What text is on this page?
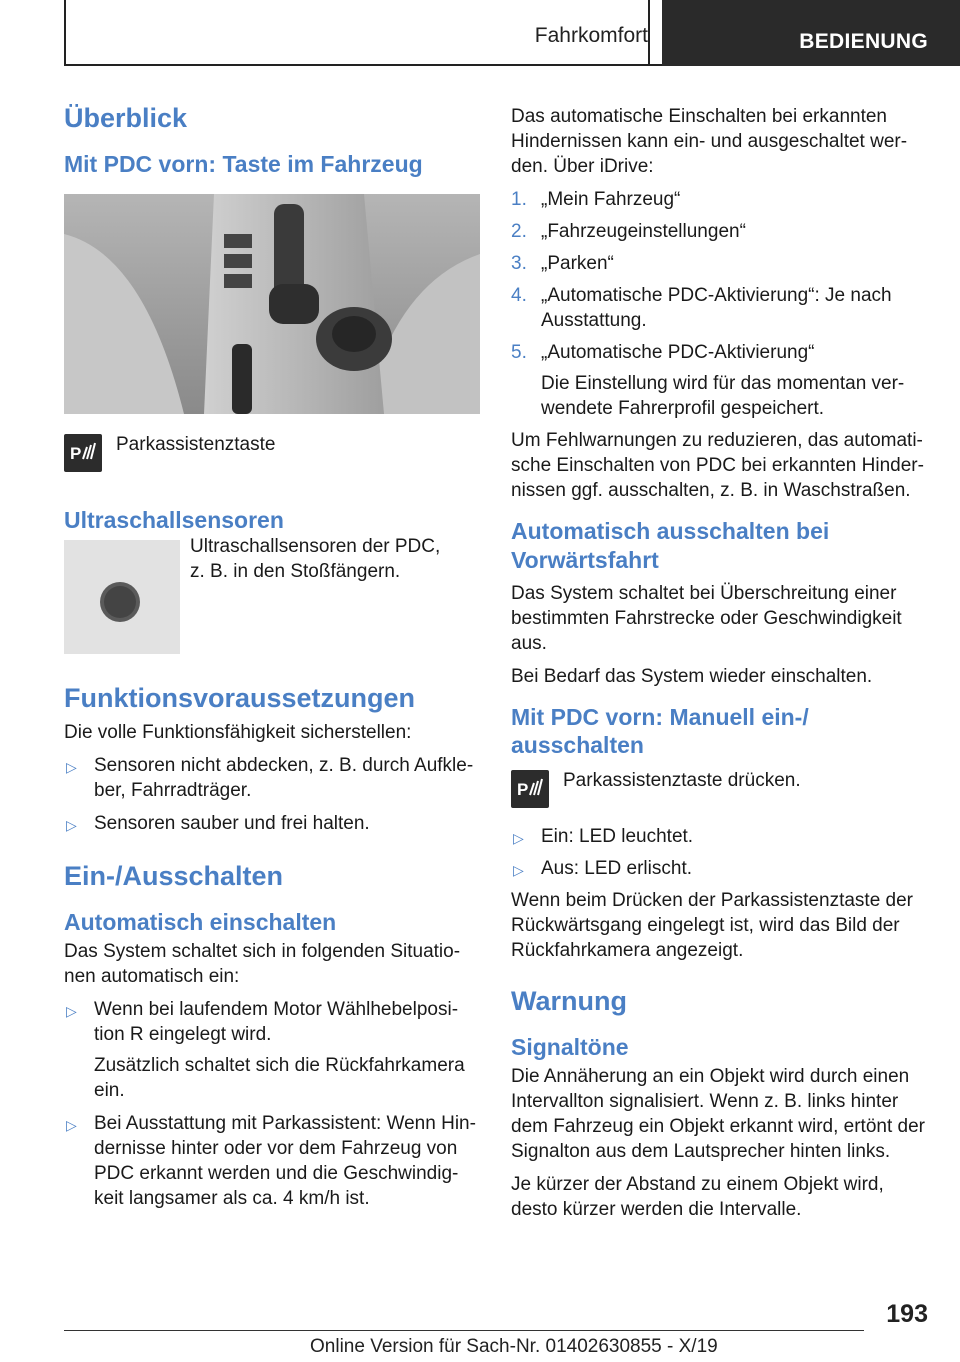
Fahrkomfort	BEDIENUNG
Überblick
Mit PDC vorn: Taste im Fahrzeug
P Parkassistenztaste

Ultraschallsensoren

Ultraschallsensoren der PDC,

z. B. in den Stoßfängern.

Funktionsvoraussetzungen

Die volle Funktionsfähigkeit sicherstellen:

▷ Sensoren nicht abdecken, z. B. durch Aufkle-ber, Fahrradträger.
▷ Sensoren sauber und frei halten.
Ein-/Ausschalten
Automatisch einschalten

Das System schaltet sich in folgenden Situatio-nen automatisch ein:

▷ Wenn bei laufendem Motor Wählhebelposi-tion R eingelegt wird.
Zusätzlich schaltet sich die Rückfahrkamera ein.
▷ Bei Ausstattung mit Parkassistent: Wenn Hin-dernisse hinter oder vor dem Fahrzeug von PDC erkannt werden und die Geschwindig-keit langsamer als ca. 4 km/h ist.

Das automatische Einschalten bei erkannten Hindernissen kann ein- und ausgeschaltet wer-den. Über iDrive:

1. „Mein Fahrzeug“
2. „Fahrzeugeinstellungen“
3. „Parken“
4. „Automatische PDC-Aktivierung“: Je nach Ausstattung.
5. „Automatische PDC-Aktivierung“
Die Einstellung wird für das momentan ver-wendete Fahrerprofil gespeichert.

Um Fehlwarnungen zu reduzieren, das automati-sche Einschalten von PDC bei erkannten Hinder-nissen ggf. ausschalten, z. B. in Waschstraßen.

Automatisch ausschalten bei Vorwärtsfahrt

Das System schaltet bei Überschreitung einer bestimmten Fahrstrecke oder Geschwindigkeit aus.

Bei Bedarf das System wieder einschalten.

Mit PDC vorn: Manuell ein-/ ausschalten
P Parkassistenztaste drücken.

▷ Ein: LED leuchtet.
▷ Aus: LED erlischt.

Wenn beim Drücken der Parkassistenztaste der Rückwärtsgang eingelegt ist, wird das Bild der Rückfahrkamera angezeigt.

Warnung
Signaltöne

Die Annäherung an ein Objekt wird durch einen Intervallton signalisiert. Wenn z. B. links hinter dem Fahrzeug ein Objekt erkannt wird, ertönt der Signalton aus dem Lautsprecher hinten links.

Je kürzer der Abstand zu einem Objekt wird, desto kürzer werden die Intervalle.

193
Online Version für Sach-Nr. 01402630855 - X/19
